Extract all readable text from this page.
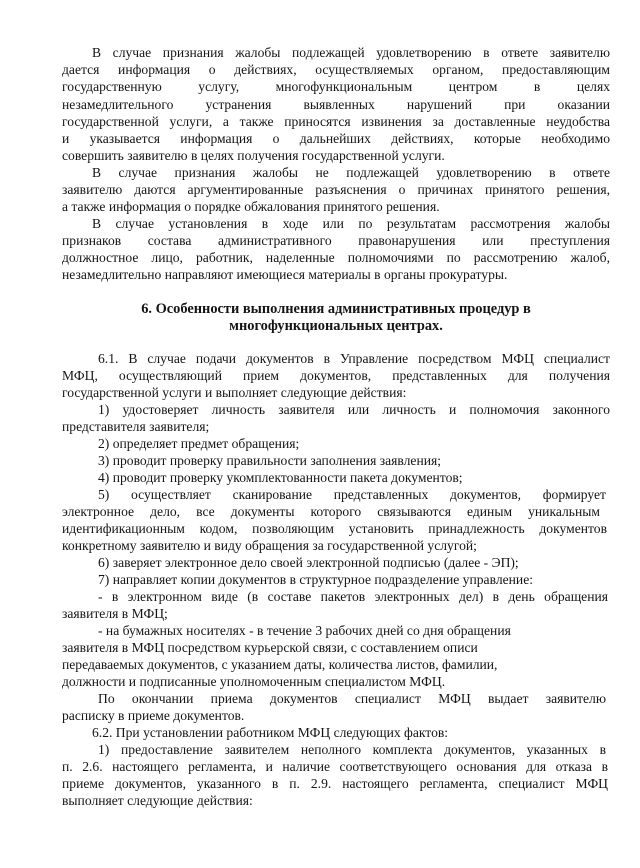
В случае признания жалобы подлежащей удовлетворению в ответе заявителю
дается информация о действиях, осуществляемых органом, предоставляющим
государственную услугу, многофункциональным центром в целях
незамедлительного устранения выявленных нарушений при оказании
государственной услуги, а также приносятся извинения за доставленные неудобства
и указывается информация о дальнейших действиях, которые необходимо
совершить заявителю в целях получения государственной услуги.
В случае признания жалобы не подлежащей удовлетворению в ответе
заявителю даются аргументированные разъяснения о причинах принятого решения,
а также информация о порядке обжалования принятого решения.
В случае установления в ходе или по результатам рассмотрения жалобы
признаков состава административного правонарушения или преступления
должностное лицо, работник, наделенные полномочиями по рассмотрению жалоб,
незамедлительно направляют имеющиеся материалы в органы прокуратуры.
6. Особенности выполнения административных процедур в
многофункциональных центрах.
6.1. В случае подачи документов в Управление посредством МФЦ специалист
МФЦ, осуществляющий прием документов, представленных для получения
государственной услуги и выполняет следующие действия:
1) удостоверяет личность заявителя или личность и полномочия законного
представителя заявителя;
2) определяет предмет обращения;
3) проводит проверку правильности заполнения заявления;
4) проводит проверку укомплектованности пакета документов;
5) осуществляет сканирование представленных документов, формирует
электронное дело, все документы которого связываются единым уникальным
идентификационным кодом, позволяющим установить принадлежность документов
конкретному заявителю и виду обращения за государственной услугой;
6) заверяет электронное дело своей электронной подписью (далее - ЭП);
7) направляет копии документов в структурное подразделение управление:
- в электронном виде (в составе пакетов электронных дел) в день обращения
заявителя в МФЦ;
- на бумажных носителях - в течение 3 рабочих дней со дня обращения
заявителя в МФЦ посредством курьерской связи, с составлением описи
передаваемых документов, с указанием даты, количества листов, фамилии,
должности и подписанные уполномоченным специалистом МФЦ.
По окончании приема документов специалист МФЦ выдает заявителю
расписку в приеме документов.
6.2. При установлении работником МФЦ следующих фактов:
1) предоставление заявителем неполного комплекта документов, указанных в
п. 2.6. настоящего регламента, и наличие соответствующего основания для отказа в
приеме документов, указанного в п. 2.9. настоящего регламента, специалист МФЦ
выполняет следующие действия:
